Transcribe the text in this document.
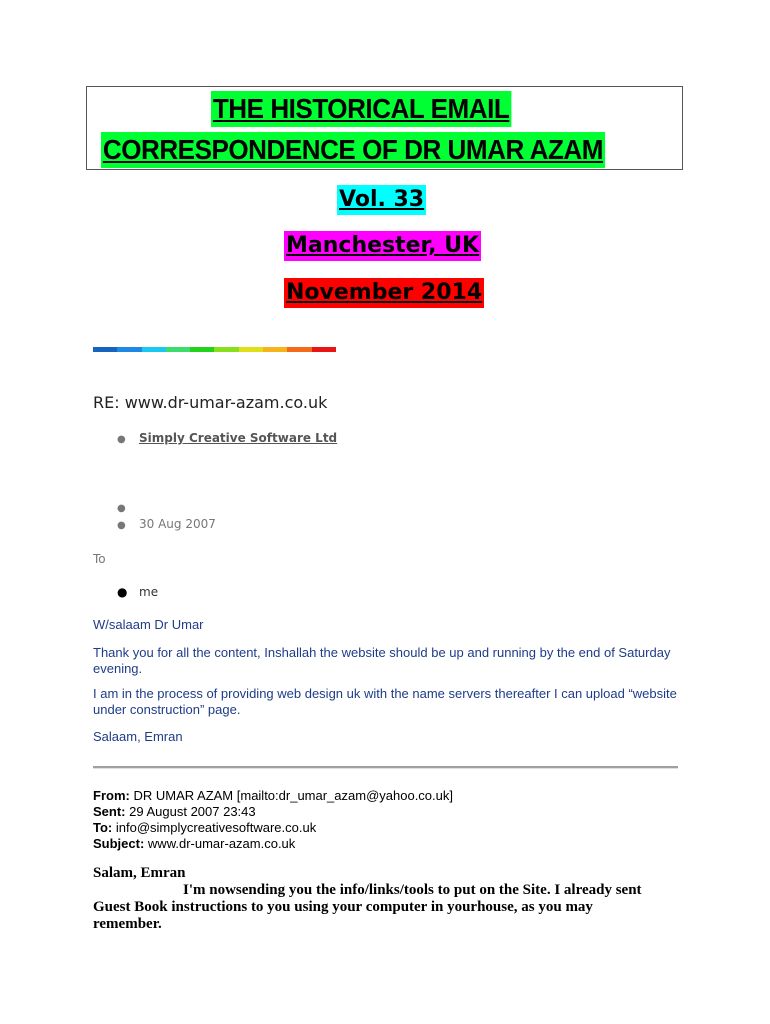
THE HISTORICAL EMAIL
CORRESPONDENCE OF DR UMAR AZAM
Vol. 33
Manchester, UK
November 2014
RE: www.dr-umar-azam.co.uk
● Simply Creative Software Ltd
●
● 30 Aug 2007
To
● me
W/salaam Dr Umar
Thank you for all the content, Inshallah the website should be up and running by the end of Saturday evening.
I am in the process of providing web design uk with the name servers thereafter I can upload “website under construction” page.
Salaam, Emran
From: DR UMAR AZAM [mailto:dr_umar_azam@yahoo.co.uk]
Sent: 29 August 2007 23:43
To: info@simplycreativesoftware.co.uk
Subject: www.dr-umar-azam.co.uk
Salam, Emran
I'm nowsending you the info/links/tools to put on the Site. I already sent
Guest Book instructions to you using your computer in yourhouse, as you may
remember.
